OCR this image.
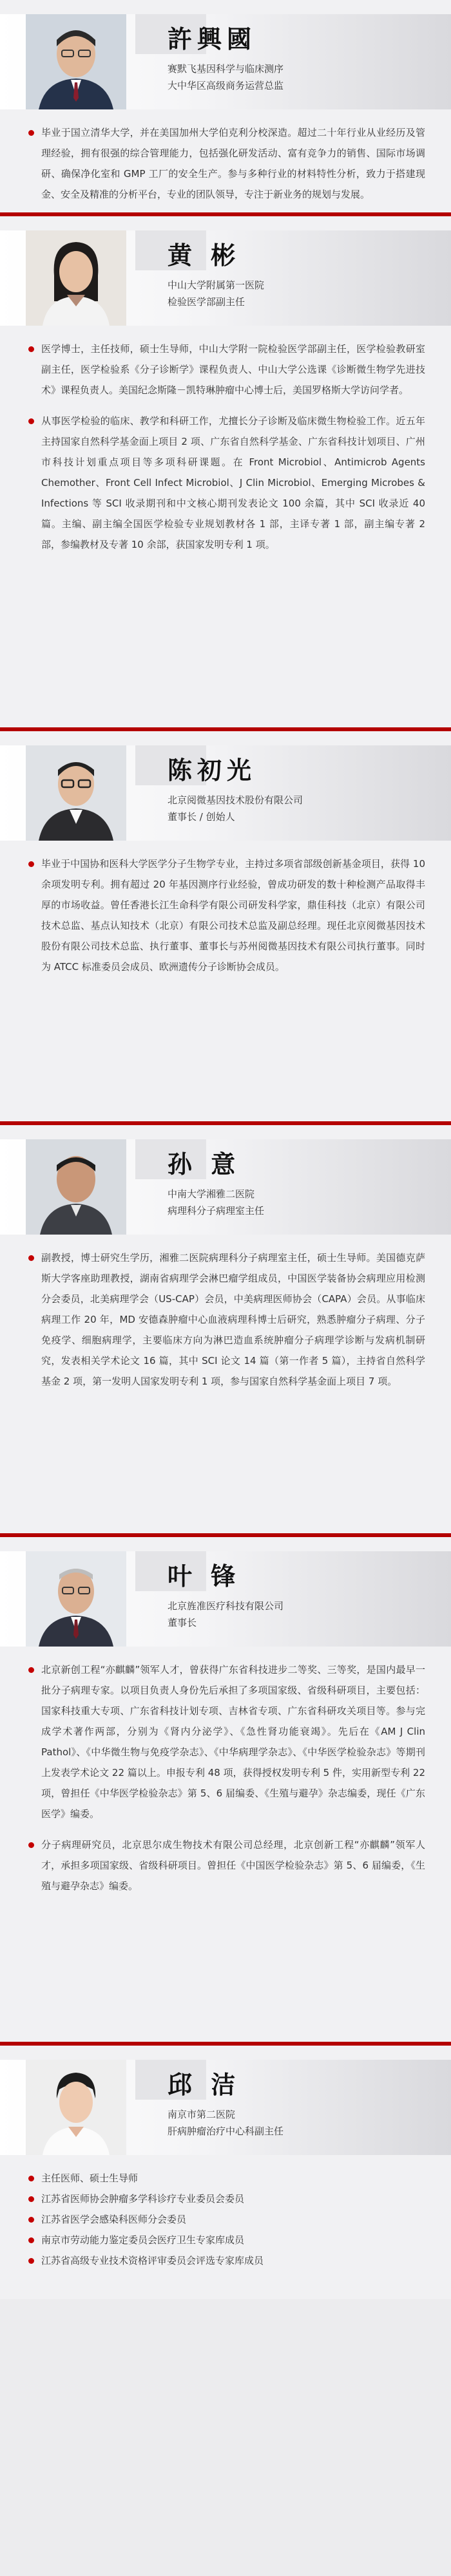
許興國
赛默飞基因科学与临床测序
大中华区高级商务运营总监

毕业于国立清华大学，并在美国加州大学伯克利分校深造。超过二十年行业从业经历及管理经验，拥有很强的综合管理能力，包括强化研发活动、富有竞争力的销售、国际市场调研、确保净化室和 GMP 工厂的安全生产。参与多种行业的材料特性分析，致力于搭建现金、安全及精准的分析平台，专业的团队领导，专注于新业务的规划与发展。

黄 彬
中山大学附属第一医院
检验医学部副主任

医学博士，主任技师，硕士生导师，中山大学附一院检验医学部副主任，医学检验教研室副主任，医学检验系《分子诊断学》课程负责人、中山大学公选课《诊断微生物学先进技术》课程负责人。美国纪念斯隆－凯特琳肿瘤中心博士后，美国罗格斯大学访问学者。

从事医学检验的临床、教学和科研工作，尤擅长分子诊断及临床微生物检验工作。近五年主持国家自然科学基金面上项目 2 项、广东省自然科学基金、广东省科技计划项目、广州市科技计划重点项目等多项科研课题。在 Front Microbiol、Antimicrob Agents Chemother、Front Cell Infect Microbiol、J Clin Microbiol、Emerging Microbes & Infections 等 SCI 收录期刊和中文核心期刊发表论文 100 余篇，其中 SCI 收录近 40 篇。主编、副主编全国医学检验专业规划教材各 1 部，主译专著 1 部，副主编专著 2 部，参编教材及专著 10 余部，获国家发明专利 1 项。

陈初光
北京阅微基因技术股份有限公司
董事长 / 创始人

毕业于中国协和医科大学医学分子生物学专业，主持过多项省部级创新基金项目，获得 10 余项发明专利。拥有超过 20 年基因测序行业经验，曾成功研发的数十种检测产品取得丰厚的市场收益。曾任香港长江生命科学有限公司研发科学家，鼎佳科技（北京）有限公司技术总监、基点认知技术（北京）有限公司技术总监及副总经理。现任北京阅微基因技术股份有限公司技术总监、执行董事、董事长与苏州阅微基因技术有限公司执行董事。同时为 ATCC 标准委员会成员、欧洲遗传分子诊断协会成员。

孙 意
中南大学湘雅二医院
病理科分子病理室主任

副教授，博士研究生学历，湘雅二医院病理科分子病理室主任，硕士生导师。美国德克萨斯大学客座助理教授，湖南省病理学会淋巴瘤学组成员，中国医学装备协会病理应用检测分会委员，北美病理学会（US-CAP）会员，中美病理医师协会（CAPA）会员。从事临床病理工作 20 年，MD 安德森肿瘤中心血液病理科博士后研究，熟悉肿瘤分子病理、分子免疫学、细胞病理学，主要临床方向为淋巴造血系统肿瘤分子病理学诊断与发病机制研究，发表相关学术论文 16 篇，其中 SCI 论文 14 篇（第一作者 5 篇），主持省自然科学基金 2 项，第一发明人国家发明专利 1 项，参与国家自然科学基金面上项目 7 项。

叶 锋
北京旌准医疗科技有限公司
董事长

北京新创工程“亦麒麟”领军人才，曾获得广东省科技进步二等奖、三等奖，是国内最早一批分子病理专家。以项目负责人身份先后承担了多项国家级、省级科研项目，主要包括：国家科技重大专项、广东省科技计划专项、吉林省专项、广东省科研攻关项目等。参与完成学术著作两部，分别为《肾内分泌学》、《急性肾功能衰竭》。先后在《AM J Clin Pathol》、《中华微生物与免疫学杂志》、《中华病理学杂志》、《中华医学检验杂志》等期刊上发表学术论文 22 篇以上。申报专利 48 项，获得授权发明专利 5 件，实用新型专利 22 项，曾担任《中华医学检验杂志》第 5、6 届编委、《生殖与避孕》杂志编委，现任《广东医学》编委。

分子病理研究员，北京思尔成生物技术有限公司总经理，北京创新工程“亦麒麟”领军人才，承担多项国家级、省级科研项目。曾担任《中国医学检验杂志》第 5、6 届编委，《生殖与避孕杂志》编委。

邱 洁
南京市第二医院
肝病肿瘤治疗中心科副主任

主任医师、硕士生导师

江苏省医师协会肿瘤多学科诊疗专业委员会委员

江苏省医学会感染科医师分会委员

南京市劳动能力鉴定委员会医疗卫生专家库成员

江苏省高级专业技术资格评审委员会评选专家库成员
